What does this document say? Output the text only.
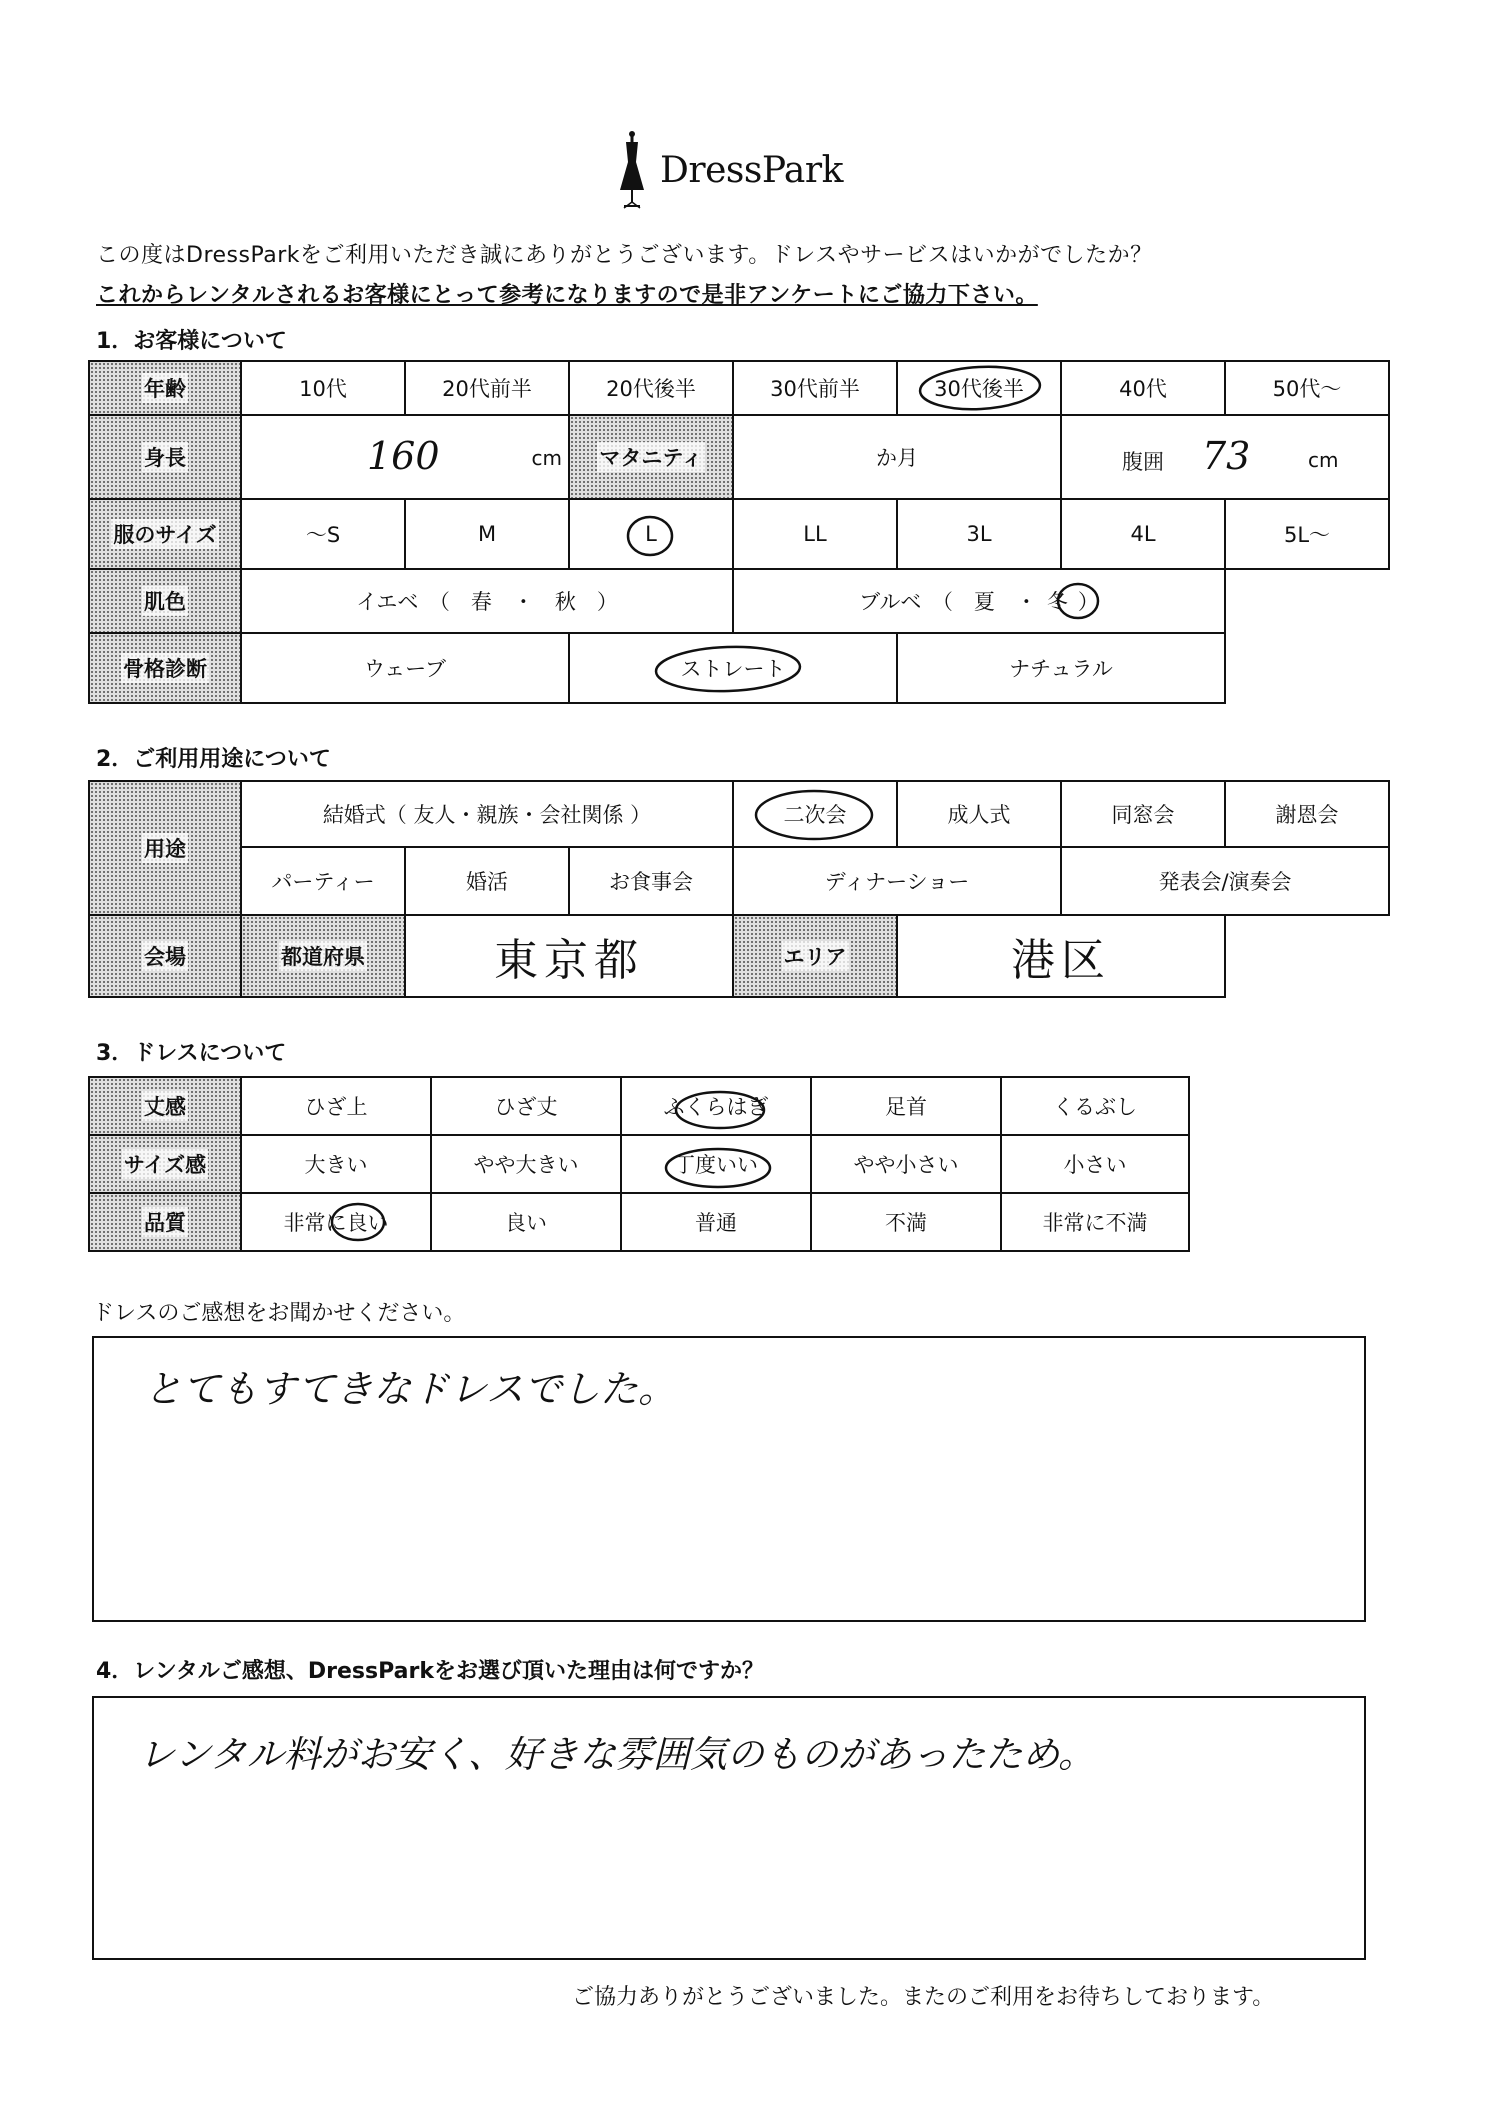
DressPark
この度はDressParkをご利用いただき誠にありがとうございます。ドレスやサービスはいかがでしたか？
これからレンタルされるお客様にとって参考になりますので是非アンケートにご協力下さい。
1．お客様について
年齢	10代	20代前半	20代後半	30代前半	30代後半	40代	50代～
身長	160	cm マタニティ	か月	腹囲 73	cm
服のサイズ	～S	M	L	LL	3L	4L	5L～
肌色	イエベ　（　春　・　秋　）	ブルベ　（　夏　・ 冬 ）
骨格診断	ウェーブ	ストレート	ナチュラル
2．ご利用用途について
用途
結婚式（ 友人・親族・会社関係 ）	二次会	成人式	同窓会	謝恩会
パーティー	婚活	お食事会	ディナーショー	発表会/演奏会
会場	都道府県	東京都	エリア	港区
3．ドレスについて
丈感	ひざ上	ひざ丈	ふくらはぎ	足首	くるぶし
サイズ感	大きい	やや大きい	丁度いい	やや小さい	小さい
品質	非常に良い	良い	普通	不満	非常に不満
ドレスのご感想をお聞かせください。
とてもすてきなドレスでした。
4．レンタルご感想、DressParkをお選び頂いた理由は何ですか？
レンタル料がお安く、好きな雰囲気のものがあったため。
ご協力ありがとうございました。またのご利用をお待ちしております。
